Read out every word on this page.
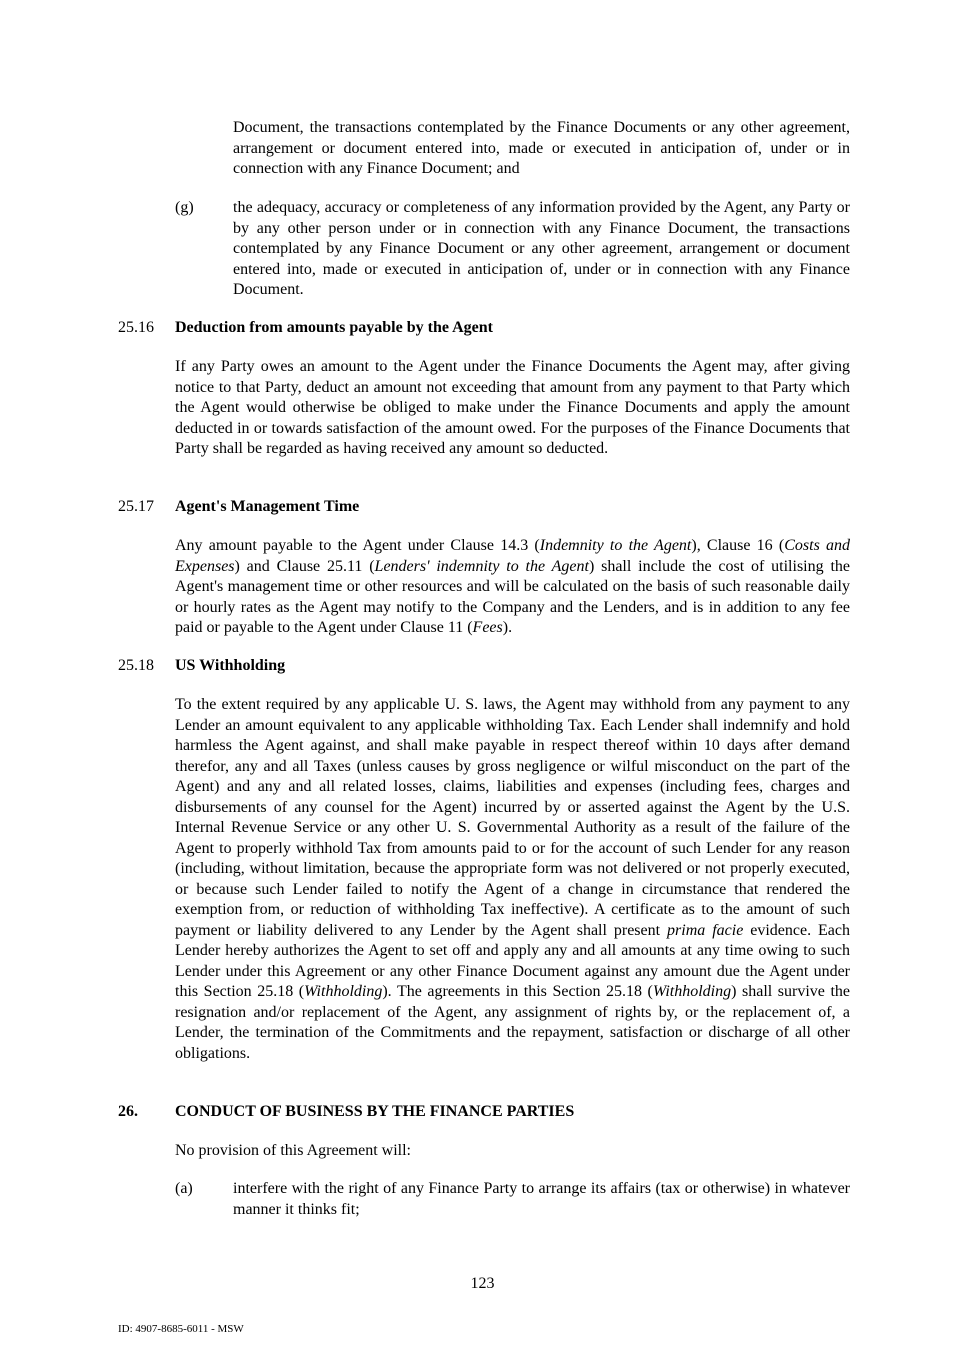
Document, the transactions contemplated by the Finance Documents or any other agreement, arrangement or document entered into, made or executed in anticipation of, under or in connection with any Finance Document; and

(g) the adequacy, accuracy or completeness of any information provided by the Agent, any Party or by any other person under or in connection with any Finance Document, the transactions contemplated by any Finance Document or any other agreement, arrangement or document entered into, made or executed in anticipation of, under or in connection with any Finance Document.

25.16 Deduction from amounts payable by the Agent

If any Party owes an amount to the Agent under the Finance Documents the Agent may, after giving notice to that Party, deduct an amount not exceeding that amount from any payment to that Party which the Agent would otherwise be obliged to make under the Finance Documents and apply the amount deducted in or towards satisfaction of the amount owed. For the purposes of the Finance Documents that Party shall be regarded as having received any amount so deducted.

25.17 Agent's Management Time

Any amount payable to the Agent under Clause 14.3 (Indemnity to the Agent), Clause 16 (Costs and Expenses) and Clause 25.11 (Lenders' indemnity to the Agent) shall include the cost of utilising the Agent's management time or other resources and will be calculated on the basis of such reasonable daily or hourly rates as the Agent may notify to the Company and the Lenders, and is in addition to any fee paid or payable to the Agent under Clause 11 (Fees).

25.18 US Withholding

To the extent required by any applicable U. S. laws, the Agent may withhold from any payment to any Lender an amount equivalent to any applicable withholding Tax. Each Lender shall indemnify and hold harmless the Agent against, and shall make payable in respect thereof within 10 days after demand therefor, any and all Taxes (unless causes by gross negligence or wilful misconduct on the part of the Agent) and any and all related losses, claims, liabilities and expenses (including fees, charges and disbursements of any counsel for the Agent) incurred by or asserted against the Agent by the U.S. Internal Revenue Service or any other U. S. Governmental Authority as a result of the failure of the Agent to properly withhold Tax from amounts paid to or for the account of such Lender for any reason (including, without limitation, because the appropriate form was not delivered or not properly executed, or because such Lender failed to notify the Agent of a change in circumstance that rendered the exemption from, or reduction of withholding Tax ineffective). A certificate as to the amount of such payment or liability delivered to any Lender by the Agent shall present prima facie evidence. Each Lender hereby authorizes the Agent to set off and apply any and all amounts at any time owing to such Lender under this Agreement or any other Finance Document against any amount due the Agent under this Section 25.18 (Withholding). The agreements in this Section 25.18 (Withholding) shall survive the resignation and/or replacement of the Agent, any assignment of rights by, or the replacement of, a Lender, the termination of the Commitments and the repayment, satisfaction or discharge of all other obligations.

26. CONDUCT OF BUSINESS BY THE FINANCE PARTIES

No provision of this Agreement will:

(a)	interfere with the right of any Finance Party to arrange its affairs (tax or otherwise) in whatever manner it thinks fit;

123
ID: 4907-8685-6011 - MSW
